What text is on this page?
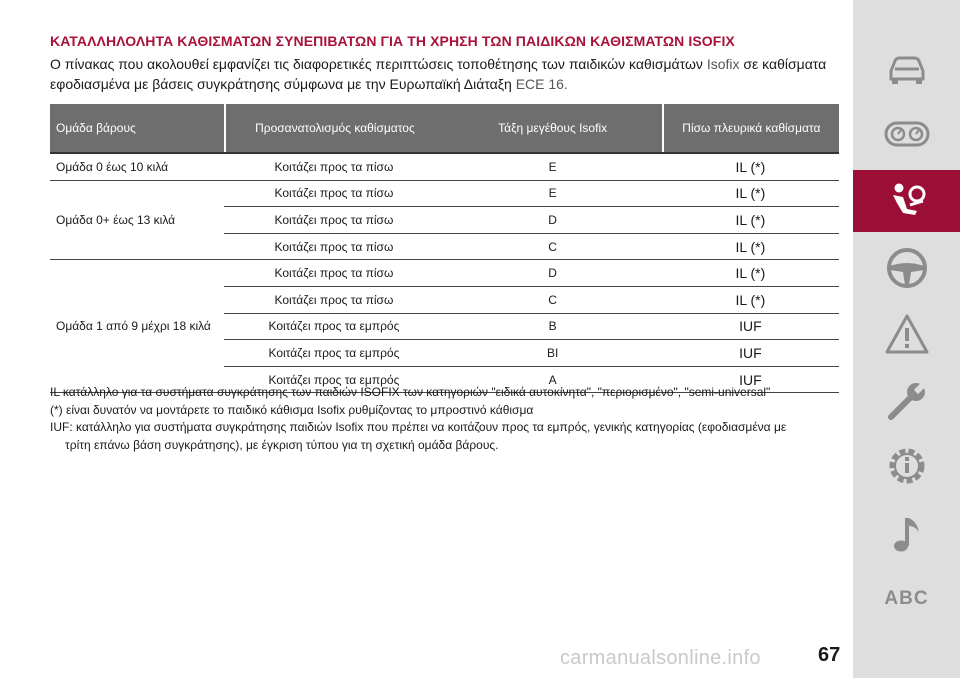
ΚΑΤΑΛΛΗΛΟΛΗΤΑ ΚΑΘΙΣΜΑΤΩΝ ΣΥΝΕΠΙΒΑΤΩΝ ΓΙΑ ΤΗ ΧΡΗΣΗ ΤΩΝ ΠΑΙΔΙΚΩΝ ΚΑΘΙΣΜΑΤΩΝ ISOFIX
Ο πίνακας που ακολουθεί εμφανίζει τις διαφορετικές περιπτώσεις τοποθέτησης των παιδικών καθισμάτων Isofix σε καθίσματα εφοδιασμένα με βάσεις συγκράτησης σύμφωνα με την Ευρωπαϊκή Διάταξη ECE 16.
Ομάδα βάρους	Προσανατολισμός καθίσματος	Τάξη μεγέθους Isofix	Πίσω πλευρικά καθίσματα
Ομάδα 0 έως 10 κιλά	Κοιτάζει προς τα πίσω	E	IL (*)
Ομάδα 0+ έως 13 κιλά	Κοιτάζει προς τα πίσω	E	IL (*)
	Κοιτάζει προς τα πίσω	D	IL (*)
	Κοιτάζει προς τα πίσω	C	IL (*)
Ομάδα 1 από 9 μέχρι 18 κιλά	Κοιτάζει προς τα πίσω	D	IL (*)
	Κοιτάζει προς τα πίσω	C	IL (*)
	Κοιτάζει προς τα εμπρός	B	IUF
	Κοιτάζει προς τα εμπρός	BI	IUF
	Κοιτάζει προς τα εμπρός	A	IUF

IL κατάλληλο για τα συστήματα συγκράτησης των παιδιών ISOFIX των κατηγοριών "ειδικά αυτοκίνητα", "περιορισμένο", "semi-universal"

(*) είναι δυνατόν να μοντάρετε το παιδικό κάθισμα Isofix ρυθμίζοντας το μπροστινό κάθισμα

IUF: κατάλληλο για συστήματα συγκράτησης παιδιών Isofix που πρέπει να κοιτάζουν προς τα εμπρός, γενικής κατηγορίας (εφοδιασμένα με

τρίτη επάνω βάση συγκράτησης), με έγκριση τύπου για τη σχετική ομάδα βάρους.

ABC
carmanualsonline.info	67
